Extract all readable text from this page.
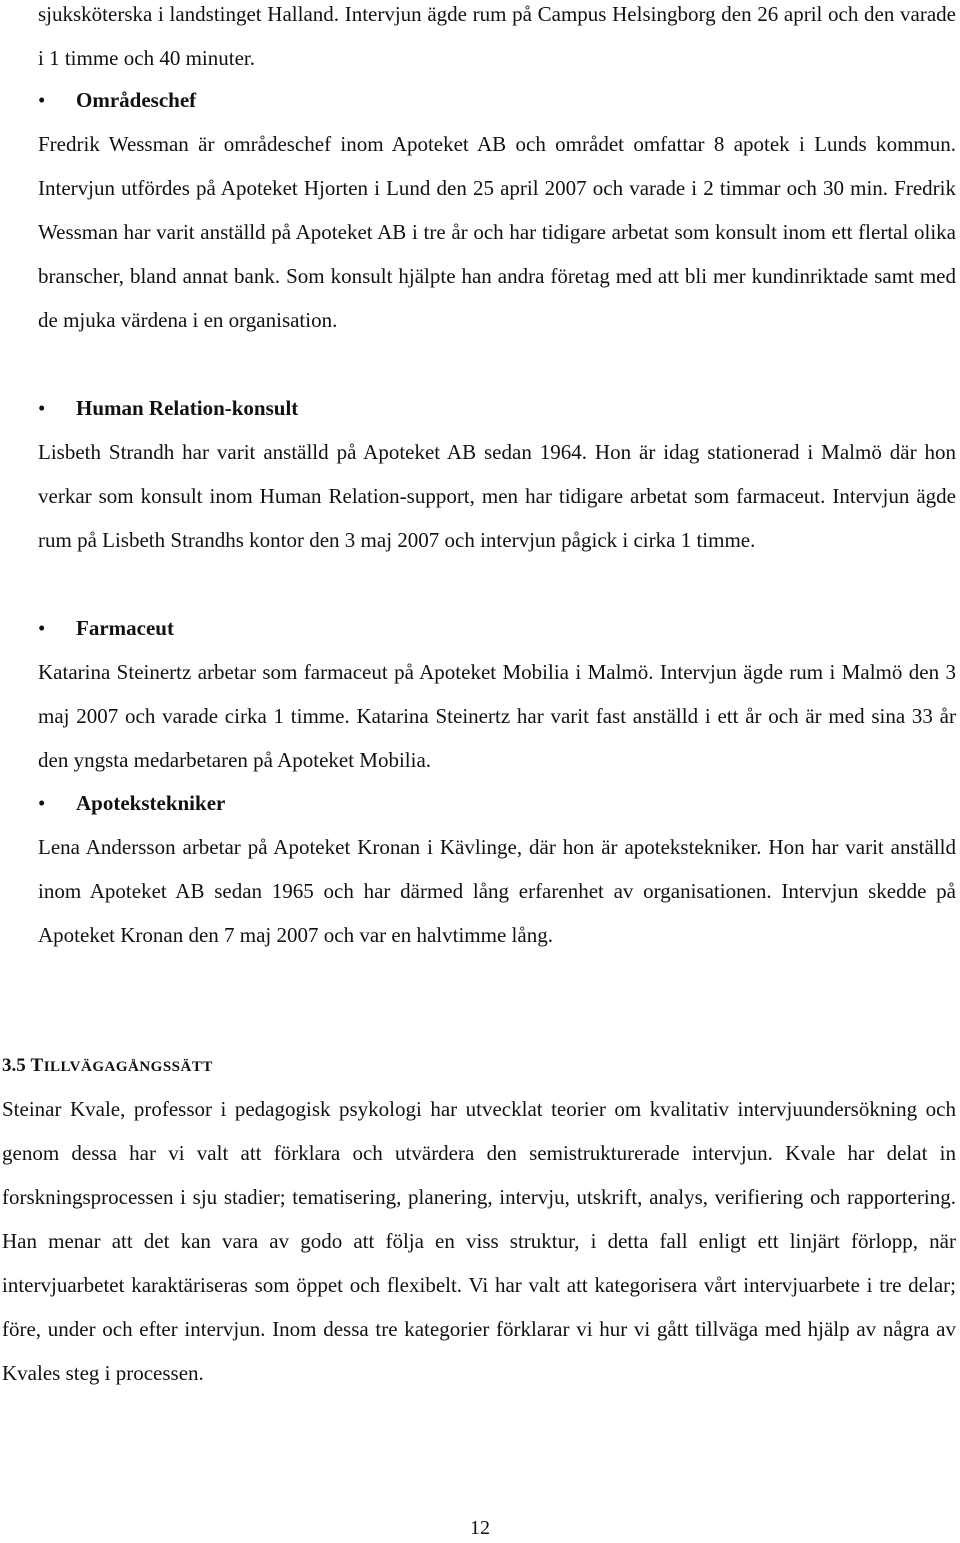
sjuksköterska i landstinget Halland. Intervjun ägde rum på Campus Helsingborg den 26 april och den varade i 1 timme och 40 minuter.

•	Områdeschef

Fredrik Wessman är områdeschef inom Apoteket AB och området omfattar 8 apotek i Lunds kommun. Intervjun utfördes på Apoteket Hjorten i Lund den 25 april 2007 och varade i 2 timmar och 30 min. Fredrik Wessman har varit anställd på Apoteket AB i tre år och har tidigare arbetat som konsult inom ett flertal olika branscher, bland annat bank. Som konsult hjälpte han andra företag med att bli mer kundinriktade samt med de mjuka värdena i en organisation.

•	Human Relation-konsult

Lisbeth Strandh har varit anställd på Apoteket AB sedan 1964. Hon är idag stationerad i Malmö där hon verkar som konsult inom Human Relation-support, men har tidigare arbetat som farmaceut. Intervjun ägde rum på Lisbeth Strandhs kontor den 3 maj 2007 och intervjun pågick i cirka 1 timme.

•	Farmaceut

Katarina Steinertz arbetar som farmaceut på Apoteket Mobilia i Malmö. Intervjun ägde rum i Malmö den 3 maj 2007 och varade cirka 1 timme. Katarina Steinertz har varit fast anställd i ett år och är med sina 33 år den yngsta medarbetaren på Apoteket Mobilia.

•	Apotekstekniker

Lena Andersson arbetar på Apoteket Kronan i Kävlinge, där hon är apotekstekniker. Hon har varit anställd inom Apoteket AB sedan 1965 och har därmed lång erfarenhet av organisationen. Intervjun skedde på Apoteket Kronan den 7 maj 2007 och var en halvtimme lång.

3.5 TILLVÄGAGÅNGSSÄTT

Steinar Kvale, professor i pedagogisk psykologi har utvecklat teorier om kvalitativ intervjuundersökning och genom dessa har vi valt att förklara och utvärdera den semistrukturerade intervjun. Kvale har delat in forskningsprocessen i sju stadier; tematisering, planering, intervju, utskrift, analys, verifiering och rapportering. Han menar att det kan vara av godo att följa en viss struktur, i detta fall enligt ett linjärt förlopp, när intervjuarbetet karaktäriseras som öppet och flexibelt. Vi har valt att kategorisera vårt intervjuarbete i tre delar; före, under och efter intervjun. Inom dessa tre kategorier förklarar vi hur vi gått tillväga med hjälp av några av Kvales steg i processen.

12
